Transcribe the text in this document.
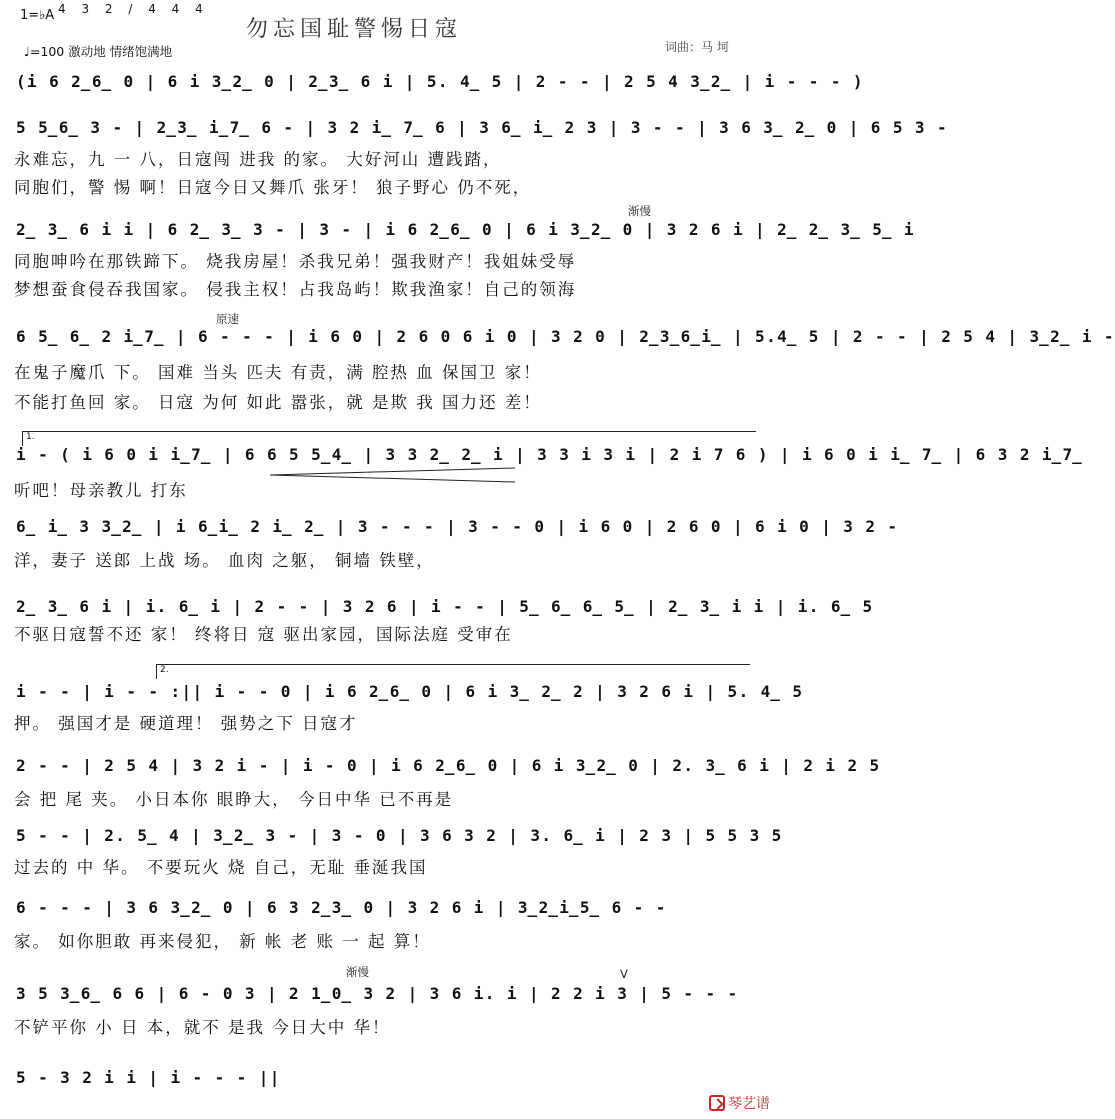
1=♭A 4 3 2 / 4 4 4
♩=100 激动地 情绪饱满地
勿忘国耻警惕日寇
词曲：马 坷
(i 6 2̲6̲ 0 | 6 i 3̲2̲ 0 | 2̲3̲ 6 i | 5. 4̲ 5 | 2 - - | 2 5 4 3̲2̲ | i - - - )
5 5̲6̲ 3 - | 2̲3̲ i̲7̲ 6 - | 3 2 i̲ 7̲ 6 | 3 6̲ i̲ 2 3 | 3 - - | 3 6 3̲ 2̲ 0 | 6 5 3 -
永难忘，九 一 八，日寇闯 进我 的家。 大好河山 遭践踏，
同胞们，警 惕 啊！日寇今日又舞爪 张牙！ 狼子野心 仍不死，
渐慢
2̲ 3̲ 6 i i | 6 2̲ 3̲ 3 - | 3 - | i 6 2̲6̲ 0 | 6 i 3̲2̲ 0 | 3 2 6 i | 2̲ 2̲ 3̲ 5̲ i
同胞呻吟在那铁蹄下。 烧我房屋！杀我兄弟！强我财产！我姐妹受辱
梦想蚕食侵吞我国家。 侵我主权！占我岛屿！欺我渔家！自己的领海
原速
6 5̲ 6̲ 2 i̲7̲ | 6 - - - | i 6 0 | 2 6 0 6 i 0 | 3 2 0 | 2̲3̲6̲i̲ | 5.4̲ 5 | 2 - - | 2 5 4 | 3̲2̲ i -
在鬼子魔爪 下。 国难 当头 匹夫 有责，满 腔热 血 保国卫 家！
不能打鱼回 家。 日寇 为何 如此 嚣张，就 是欺 我 国力还 差！
1.
i - ( i 6 0 i i̲7̲ | 6 6 5 5̲4̲ | 3 3 2̲ 2̲ i | 3 3 i 3 i | 2 i 7 6 ) | i 6 0 i i̲ 7̲ | 6 3 2 i̲7̲
听吧！母亲教儿 打东
6̲ i̲ 3 3̲2̲ | i 6̲i̲ 2 i̲ 2̲ | 3 - - - | 3 - - 0 | i 6 0 | 2 6 0 | 6 i 0 | 3 2 -
洋，妻子 送郎 上战 场。 血肉 之躯， 铜墙 铁壁，
2̲ 3̲ 6 i | i. 6̲ i | 2 - - | 3 2 6 | i - - | 5̲ 6̲ 6̲ 5̲ | 2̲ 3̲ i i | i. 6̲ 5
不驱日寇誓不还 家！ 终将日 寇 驱出家园，国际法庭 受审在
2.
i - - | i - - :|| i - - 0 | i 6 2̲6̲ 0 | 6 i 3̲ 2̲ 2 | 3 2 6 i | 5. 4̲ 5
押。 强国才是 硬道理！ 强势之下 日寇才
2 - - | 2 5 4 | 3 2 i - | i - 0 | i 6 2̲6̲ 0 | 6 i 3̲2̲ 0 | 2. 3̲ 6 i | 2 i 2 5
会 把 尾 夹。 小日本你 眼睁大， 今日中华 已不再是
5 - - | 2. 5̲ 4 | 3̲2̲ 3 - | 3 - 0 | 3 6 3 2 | 3. 6̲ i | 2 3 | 5 5 3 5
过去的 中 华。 不要玩火 烧 自己，无耻 垂涎我国
6 - - - | 3 6 3̲2̲ 0 | 6 3 2̲3̲ 0 | 3 2 6 i | 3̲2̲i̲5̲ 6 - -
家。 如你胆敢 再来侵犯， 新 帐 老 账 一 起 算！
渐慢	V
3 5 3̲6̲ 6 6 | 6 - 0 3 | 2 1̲0̲ 3 2 | 3 6 i. i | 2 2 i 3 | 5 - - -
不铲平你 小 日 本，就不 是我 今日大中 华！
5 - 3 2 i i | i - - - ||
琴艺谱
